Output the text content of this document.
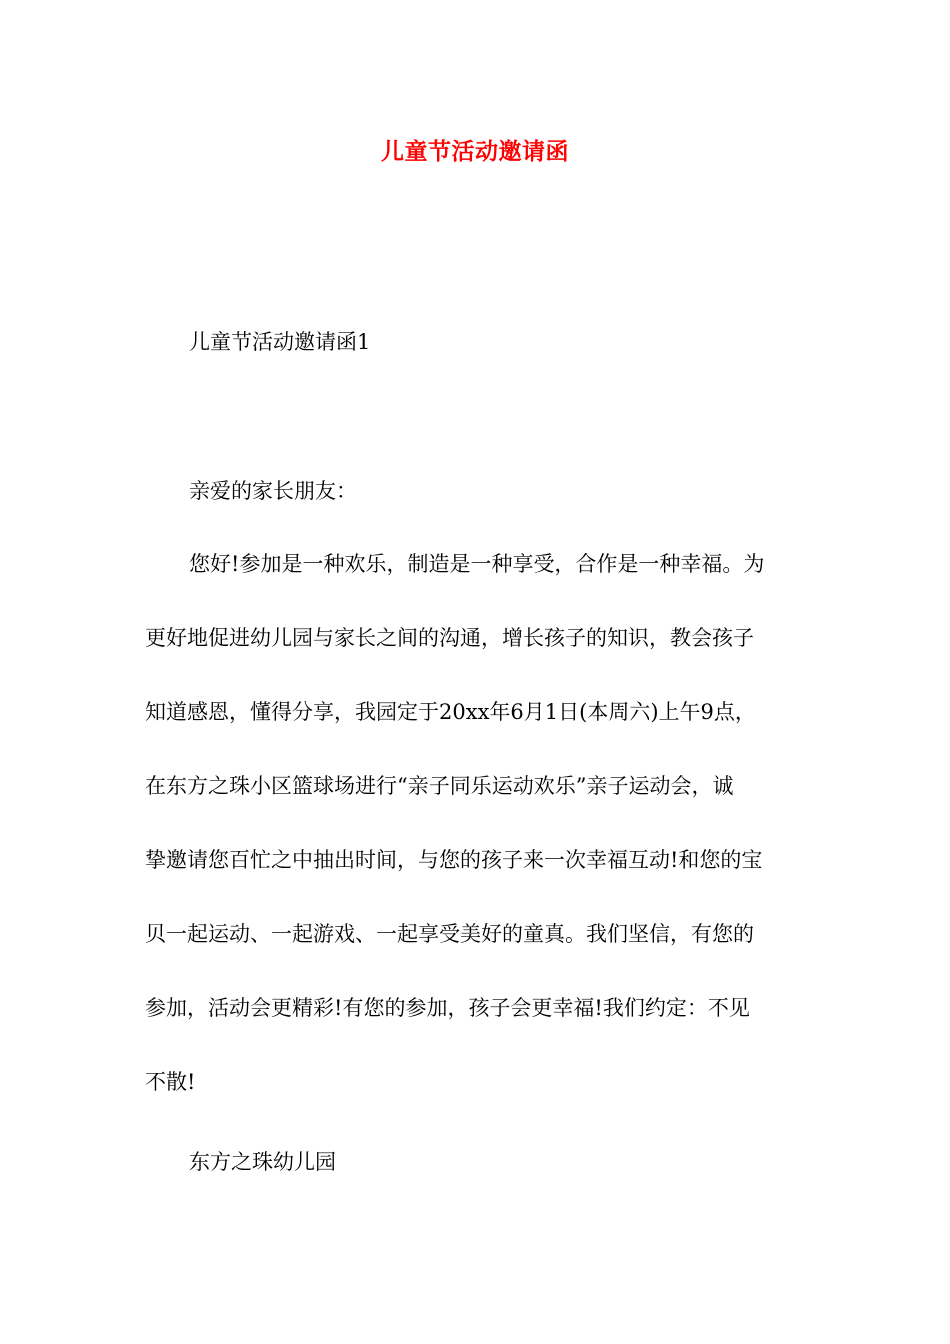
儿童节活动邀请函
儿童节活动邀请函1
亲爱的家长朋友：
您好!参加是一种欢乐，制造是一种享受，合作是一种幸福。为
更好地促进幼儿园与家长之间的沟通，增长孩子的知识，教会孩子
知道感恩，懂得分享，我园定于20xx年6月1日(本周六)上午9点，
在东方之珠小区篮球场进行“亲子同乐运动欢乐”亲子运动会，诚
挚邀请您百忙之中抽出时间，与您的孩子来一次幸福互动!和您的宝
贝一起运动、一起游戏、一起享受美好的童真。我们坚信，有您的
参加，活动会更精彩!有您的参加，孩子会更幸福!我们约定：不见
不散!
东方之珠幼儿园
